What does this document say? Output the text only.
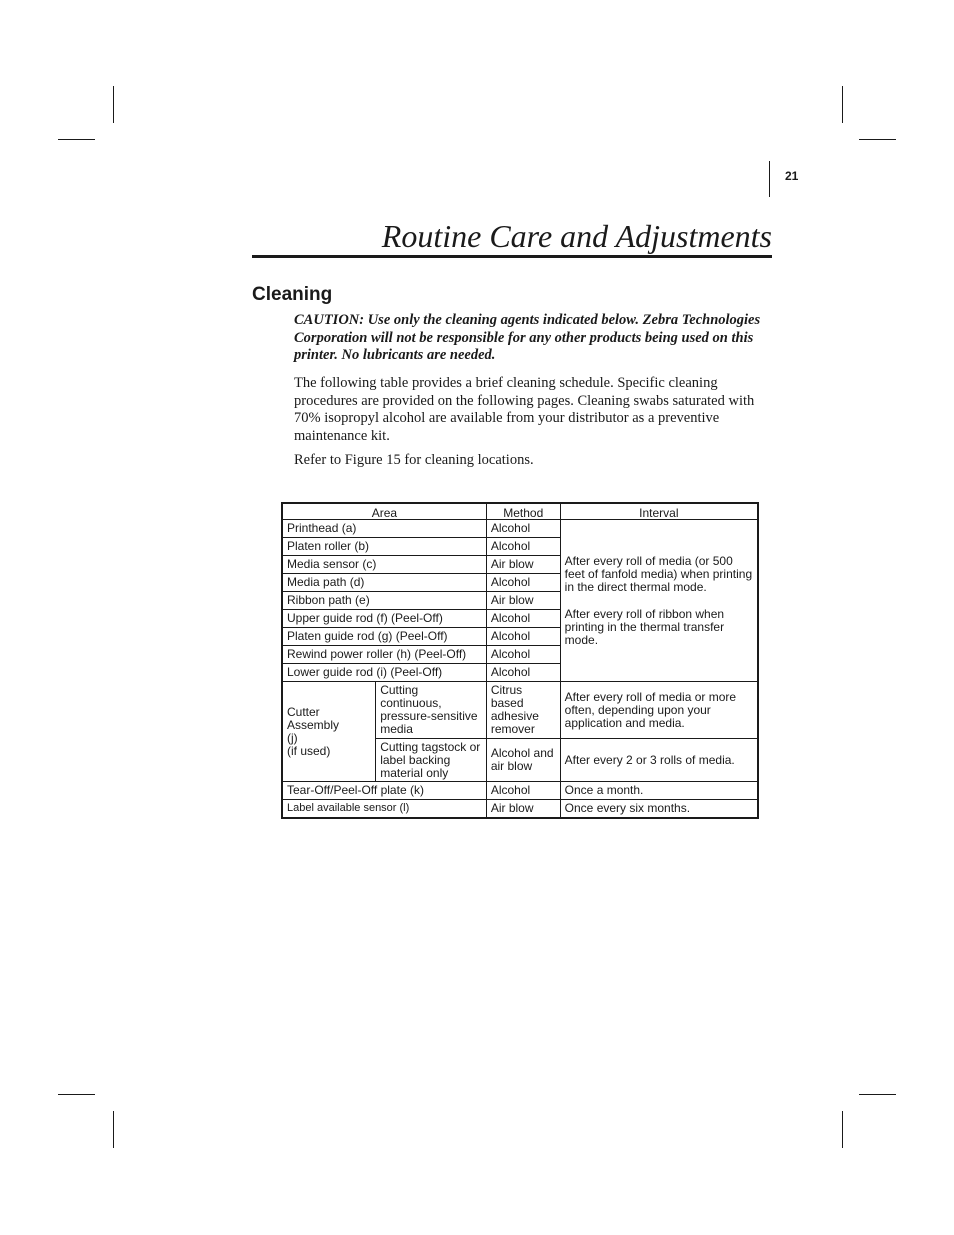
21
Routine Care and Adjustments
Cleaning
CAUTION: Use only the cleaning agents indicated below. Zebra Technologies Corporation will not be responsible for any other products being used on this printer. No lubricants are needed.
The following table provides a brief cleaning schedule. Specific cleaning procedures are provided on the following pages. Cleaning swabs saturated with 70% isopropyl alcohol are available from your distributor as a preventive maintenance kit.
Refer to Figure 15 for cleaning locations.
Area		Method	Interval
Printhead (a)		Alcohol	After every roll of media (or 500 feet of fanfold media) when printing in the direct thermal mode.
After every roll of ribbon when printing in the thermal transfer mode.

Platen roller (b)		Alcohol	
Media sensor (c)		Air blow	
Media path (d)		Alcohol	
Ribbon path (e)		Air blow	
Upper guide rod (f) (Peel-Off)		Alcohol	
Platen guide rod (g) (Peel-Off)		Alcohol	
Rewind power roller (h) (Peel-Off)		Alcohol	
Lower guide rod (i) (Peel-Off)		Alcohol	

Cutter
Assembly
(j)
(if used)	Cutting continuous, pressure-sensitive media	Citrus based adhesive remover	After every roll of media or more often, depending upon your application and media.
	Cutting tagstock or label backing material only	Alcohol and air blow	After every 2 or 3 rolls of media.
Tear-Off/Peel-Off plate (k)		Alcohol	Once a month.
Label available sensor (l)		Air blow	Once every six months.
